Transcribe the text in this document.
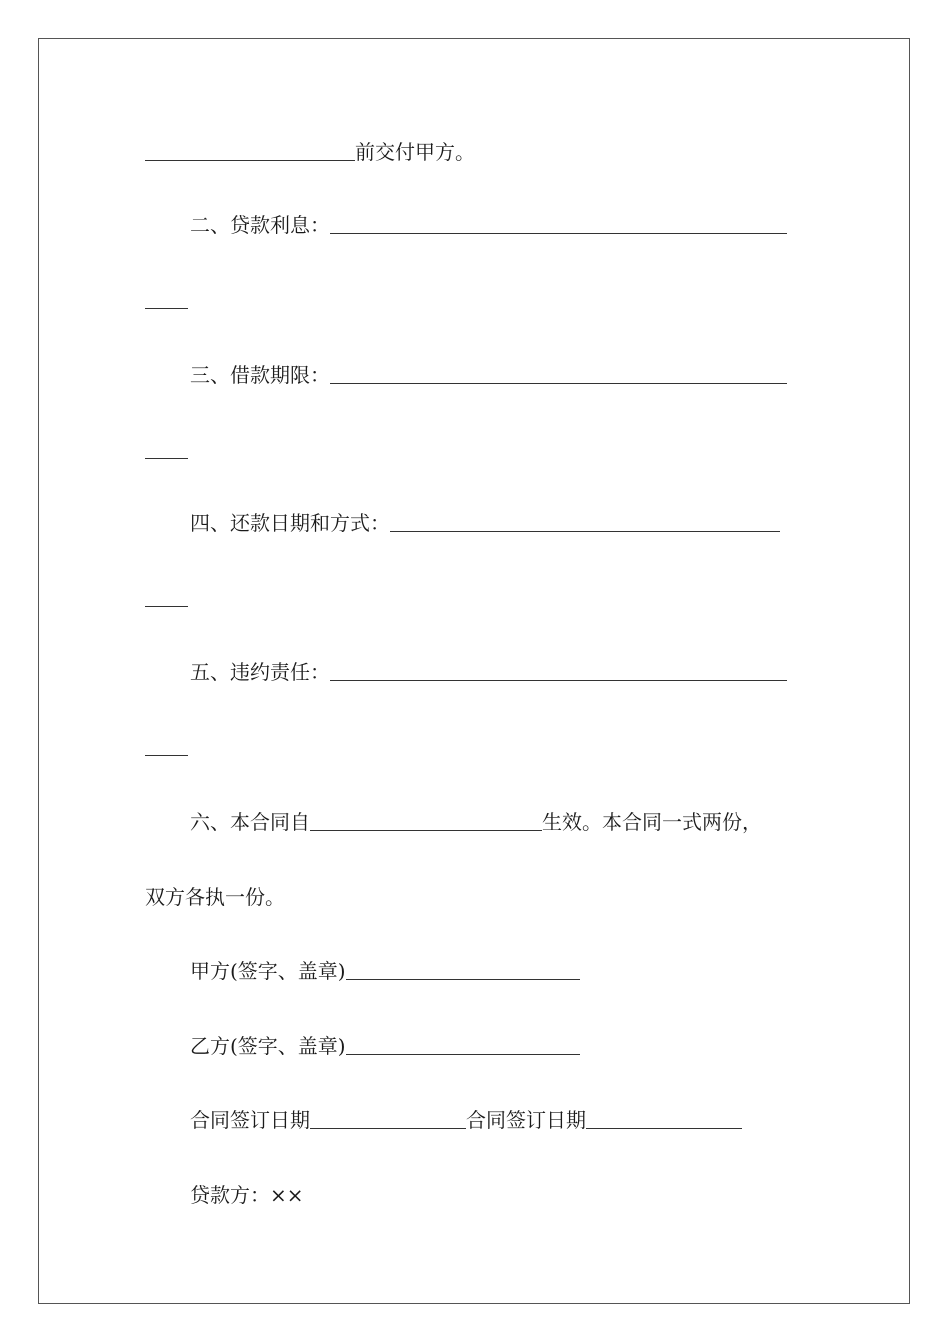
前交付甲方。
二、贷款利息：
三、借款期限：
四、还款日期和方式：
五、违约责任：
六、本合同自	生效。本合同一式两份，
双方各执一份。
甲方(签字、盖章)
乙方(签字、盖章)
合同签订日期	合同签订日期
贷款方：××
